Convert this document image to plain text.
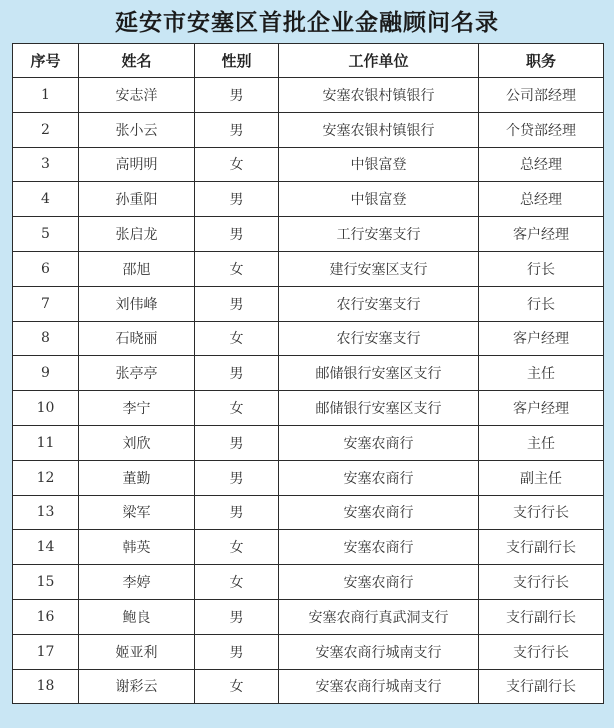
延安市安塞区首批企业金融顾问名录
序号	姓名	性别	工作单位	职务
1	安志洋	男	安塞农银村镇银行	公司部经理
2	张小云	男	安塞农银村镇银行	个贷部经理
3	高明明	女	中银富登	总经理
4	孙重阳	男	中银富登	总经理
5	张启龙	男	工行安塞支行	客户经理
6	邵旭	女	建行安塞区支行	行长
7	刘伟峰	男	农行安塞支行	行长
8	石晓丽	女	农行安塞支行	客户经理
9	张亭亭	男	邮储银行安塞区支行	主任
10	李宁	女	邮储银行安塞区支行	客户经理
11	刘欣	男	安塞农商行	主任
12	董勤	男	安塞农商行	副主任
13	梁军	男	安塞农商行	支行行长
14	韩英	女	安塞农商行	支行副行长
15	李婷	女	安塞农商行	支行行长
16	鲍良	男	安塞农商行真武洞支行	支行副行长
17	姬亚利	男	安塞农商行城南支行	支行行长
18	谢彩云	女	安塞农商行城南支行	支行副行长
